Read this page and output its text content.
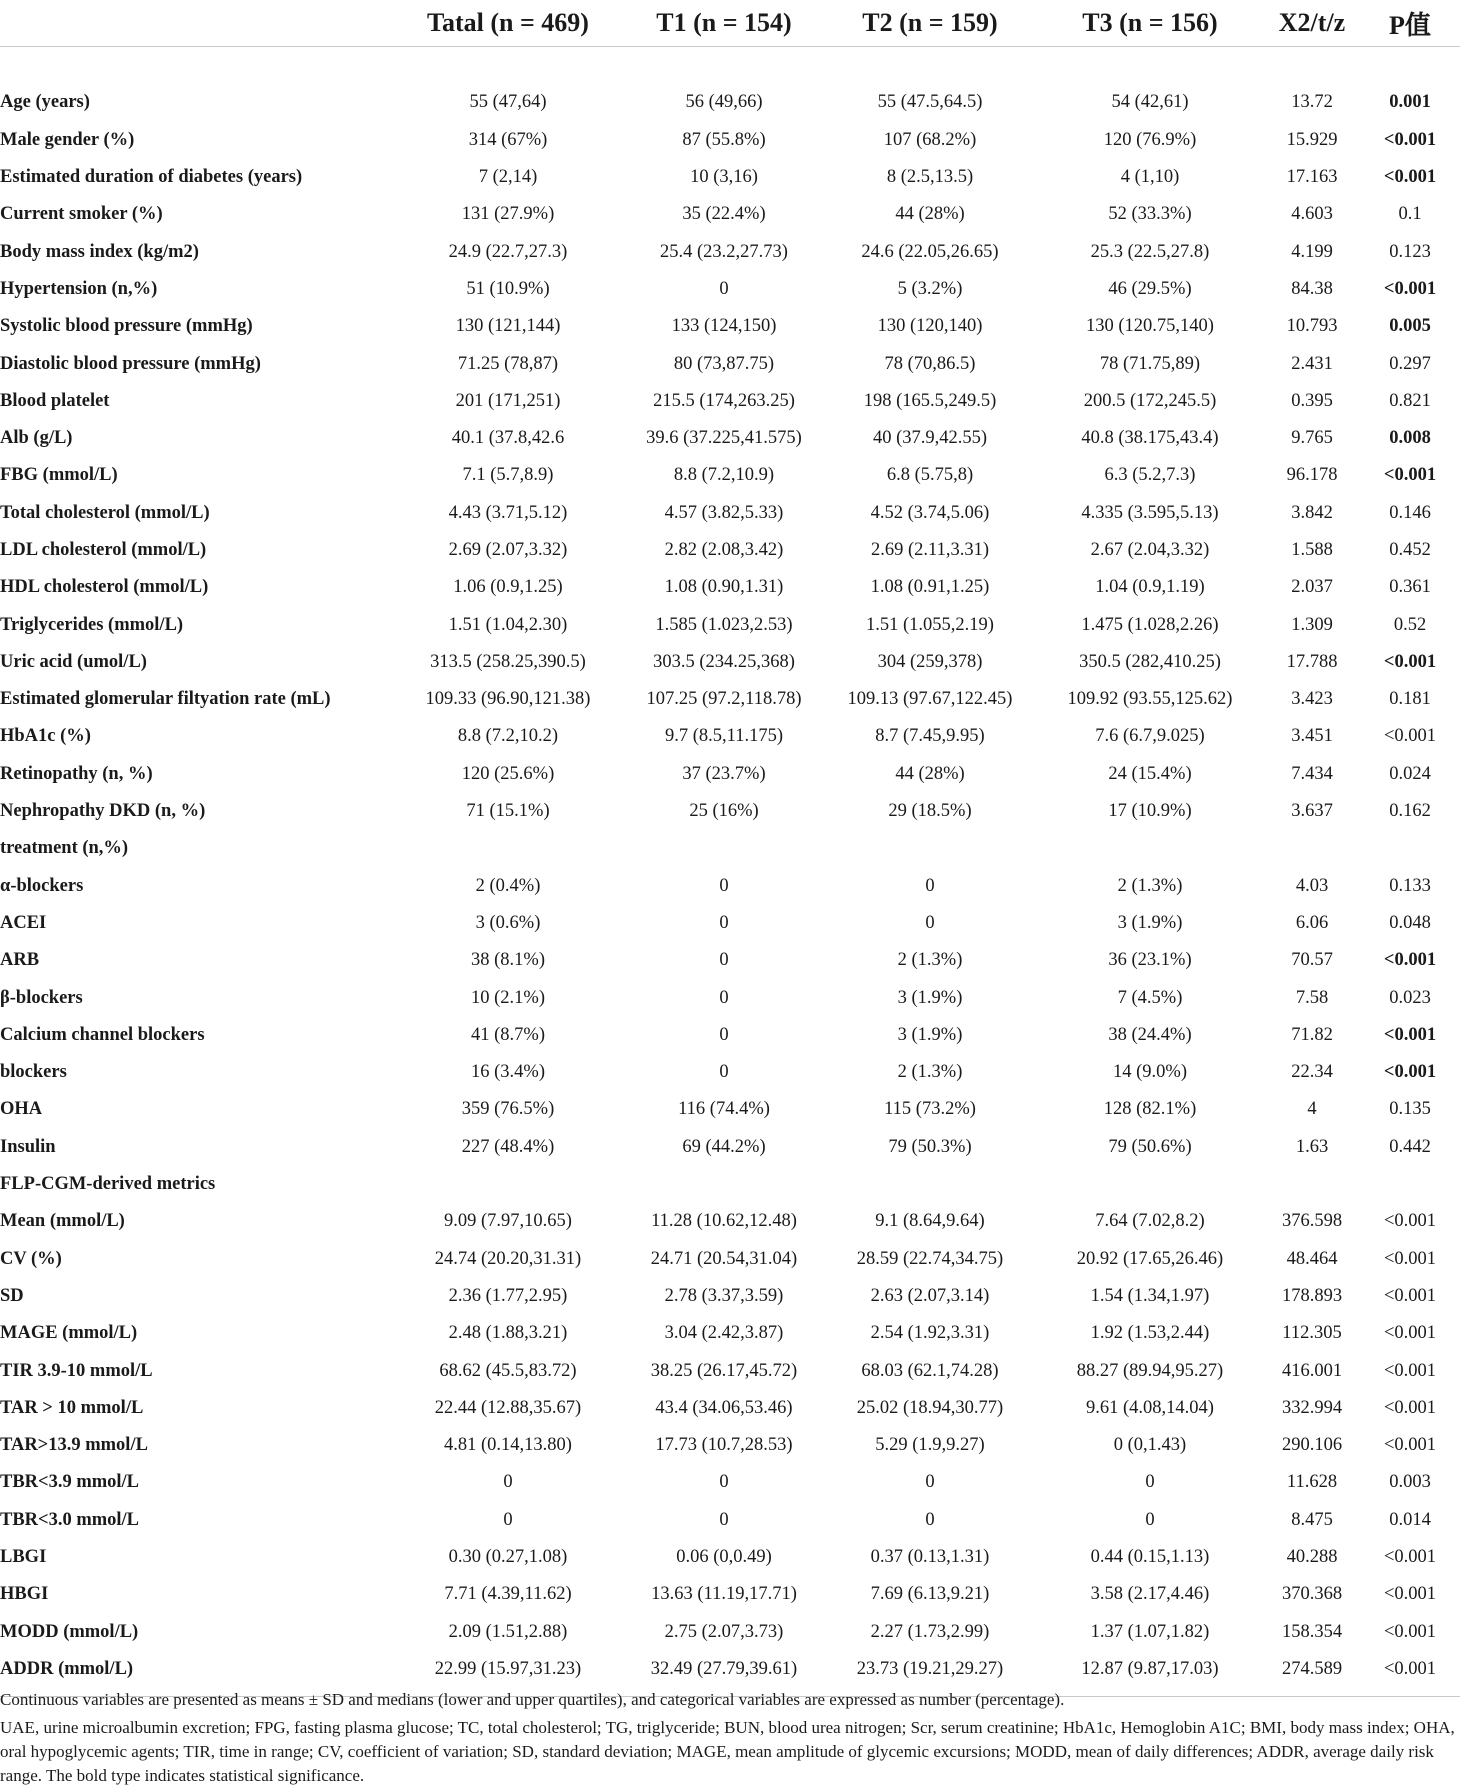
	Tatal (n = 469)	T1 (n = 154)	T2 (n = 159)	T3 (n = 156)	X2/t/z	P值

Age (years)	55 (47,64)	56 (49,66)	55 (47.5,64.5)	54 (42,61)	13.72	0.001
Male gender (%)	314 (67%)	87 (55.8%)	107 (68.2%)	120 (76.9%)	15.929	<0.001
Estimated duration of diabetes (years)	7 (2,14)	10 (3,16)	8 (2.5,13.5)	4 (1,10)	17.163	<0.001
Current smoker (%)	131 (27.9%)	35 (22.4%)	44 (28%)	52 (33.3%)	4.603	0.1
Body mass index (kg/m2)	24.9 (22.7,27.3)	25.4 (23.2,27.73)	24.6 (22.05,26.65)	25.3 (22.5,27.8)	4.199	0.123
Hypertension (n,%)	51 (10.9%)	0	5 (3.2%)	46 (29.5%)	84.38	<0.001
Systolic blood pressure (mmHg)	130 (121,144)	133 (124,150)	130 (120,140)	130 (120.75,140)	10.793	0.005
Diastolic blood pressure (mmHg)	71.25 (78,87)	80 (73,87.75)	78 (70,86.5)	78 (71.75,89)	2.431	0.297
Blood platelet	201 (171,251)	215.5 (174,263.25)	198 (165.5,249.5)	200.5 (172,245.5)	0.395	0.821
Alb (g/L)	40.1 (37.8,42.6	39.6 (37.225,41.575)	40 (37.9,42.55)	40.8 (38.175,43.4)	9.765	0.008
FBG (mmol/L)	7.1 (5.7,8.9)	8.8 (7.2,10.9)	6.8 (5.75,8)	6.3 (5.2,7.3)	96.178	<0.001
Total cholesterol (mmol/L)	4.43 (3.71,5.12)	4.57 (3.82,5.33)	4.52 (3.74,5.06)	4.335 (3.595,5.13)	3.842	0.146
LDL cholesterol (mmol/L)	2.69 (2.07,3.32)	2.82 (2.08,3.42)	2.69 (2.11,3.31)	2.67 (2.04,3.32)	1.588	0.452
HDL cholesterol (mmol/L)	1.06 (0.9,1.25)	1.08 (0.90,1.31)	1.08 (0.91,1.25)	1.04 (0.9,1.19)	2.037	0.361
Triglycerides (mmol/L)	1.51 (1.04,2.30)	1.585 (1.023,2.53)	1.51 (1.055,2.19)	1.475 (1.028,2.26)	1.309	0.52
Uric acid (umol/L)	313.5 (258.25,390.5)	303.5 (234.25,368)	304 (259,378)	350.5 (282,410.25)	17.788	<0.001
Estimated glomerular filtyation rate (mL)	109.33 (96.90,121.38)	107.25 (97.2,118.78)	109.13 (97.67,122.45)	109.92 (93.55,125.62)	3.423	0.181
HbA1c (%)	8.8 (7.2,10.2)	9.7 (8.5,11.175)	8.7 (7.45,9.95)	7.6 (6.7,9.025)	3.451	<0.001
Retinopathy (n, %)	120 (25.6%)	37 (23.7%)	44 (28%)	24 (15.4%)	7.434	0.024
Nephropathy DKD (n, %)	71 (15.1%)	25 (16%)	29 (18.5%)	17 (10.9%)	3.637	0.162
treatment (n,%)						
α-blockers	2 (0.4%)	0	0	2 (1.3%)	4.03	0.133
ACEI	3 (0.6%)	0	0	3 (1.9%)	6.06	0.048
ARB	38 (8.1%)	0	2 (1.3%)	36 (23.1%)	70.57	<0.001
β-blockers	10 (2.1%)	0	3 (1.9%)	7 (4.5%)	7.58	0.023
Calcium channel blockers	41 (8.7%)	0	3 (1.9%)	38 (24.4%)	71.82	<0.001
blockers	16 (3.4%)	0	2 (1.3%)	14 (9.0%)	22.34	<0.001
OHA	359 (76.5%)	116 (74.4%)	115 (73.2%)	128 (82.1%)	4	0.135
Insulin	227 (48.4%)	69 (44.2%)	79 (50.3%)	79 (50.6%)	1.63	0.442
FLP-CGM-derived metrics						
Mean (mmol/L)	9.09 (7.97,10.65)	11.28 (10.62,12.48)	9.1 (8.64,9.64)	7.64 (7.02,8.2)	376.598	<0.001
CV (%)	24.74 (20.20,31.31)	24.71 (20.54,31.04)	28.59 (22.74,34.75)	20.92 (17.65,26.46)	48.464	<0.001
SD	2.36 (1.77,2.95)	2.78 (3.37,3.59)	2.63 (2.07,3.14)	1.54 (1.34,1.97)	178.893	<0.001
MAGE (mmol/L)	2.48 (1.88,3.21)	3.04 (2.42,3.87)	2.54 (1.92,3.31)	1.92 (1.53,2.44)	112.305	<0.001
TIR 3.9-10 mmol/L	68.62 (45.5,83.72)	38.25 (26.17,45.72)	68.03 (62.1,74.28)	88.27 (89.94,95.27)	416.001	<0.001
TAR > 10 mmol/L	22.44 (12.88,35.67)	43.4 (34.06,53.46)	25.02 (18.94,30.77)	9.61 (4.08,14.04)	332.994	<0.001
TAR>13.9 mmol/L	4.81 (0.14,13.80)	17.73 (10.7,28.53)	5.29 (1.9,9.27)	0 (0,1.43)	290.106	<0.001
TBR<3.9 mmol/L	0	0	0	0	11.628	0.003
TBR<3.0 mmol/L	0	0	0	0	8.475	0.014
LBGI	0.30 (0.27,1.08)	0.06 (0,0.49)	0.37 (0.13,1.31)	0.44 (0.15,1.13)	40.288	<0.001
HBGI	7.71 (4.39,11.62)	13.63 (11.19,17.71)	7.69 (6.13,9.21)	3.58 (2.17,4.46)	370.368	<0.001
MODD (mmol/L)	2.09 (1.51,2.88)	2.75 (2.07,3.73)	2.27 (1.73,2.99)	1.37 (1.07,1.82)	158.354	<0.001
ADDR (mmol/L)	22.99 (15.97,31.23)	32.49 (27.79,39.61)	23.73 (19.21,29.27)	12.87 (9.87,17.03)	274.589	<0.001

Continuous variables are presented as means ± SD and medians (lower and upper quartiles), and categorical variables are expressed as number (percentage).

UAE, urine microalbumin excretion; FPG, fasting plasma glucose; TC, total cholesterol; TG, triglyceride; BUN, blood urea nitrogen; Scr, serum creatinine; HbA1c, Hemoglobin A1C; BMI, body mass index; OHA, oral hypoglycemic agents; TIR, time in range; CV, coefficient of variation; SD, standard deviation; MAGE, mean amplitude of glycemic excursions; MODD, mean of daily differences; ADDR, average daily risk range. The bold type indicates statistical significance.
